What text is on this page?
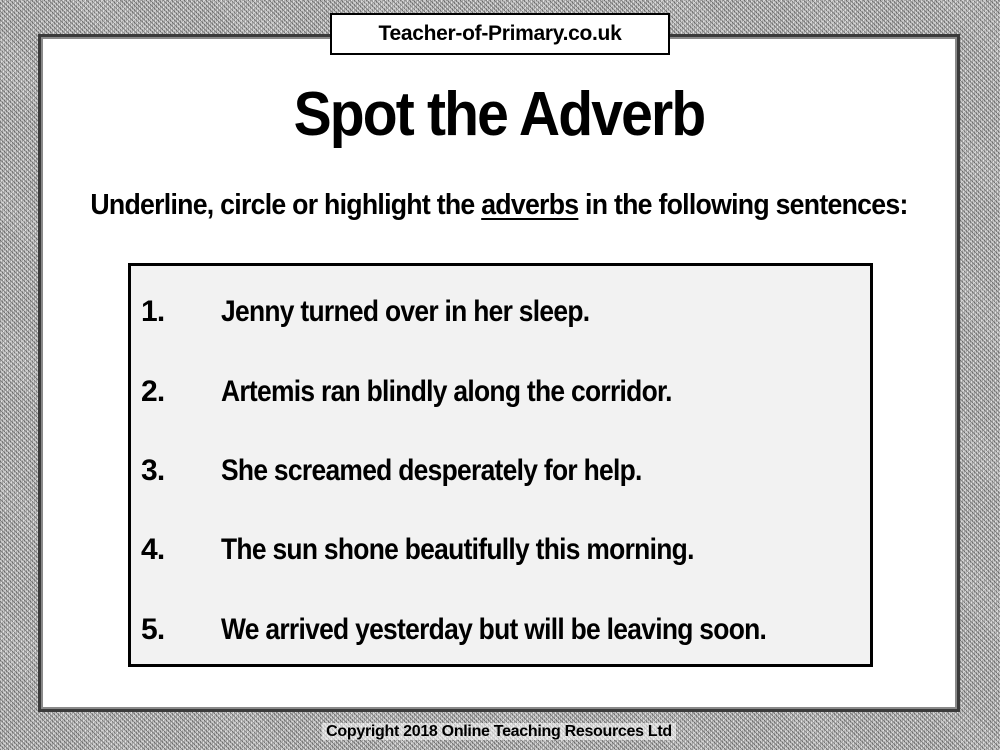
Teacher-of-Primary.co.uk
Spot the Adverb
Underline, circle or highlight the adverbs in the following sentences:
1.	Jenny turned over in her sleep.
2.	Artemis ran blindly along the corridor.
3.	She screamed desperately for help.
4.	The sun shone beautifully this morning.
5.	We arrived yesterday but will be leaving soon.
Copyright 2018 Online Teaching Resources Ltd
